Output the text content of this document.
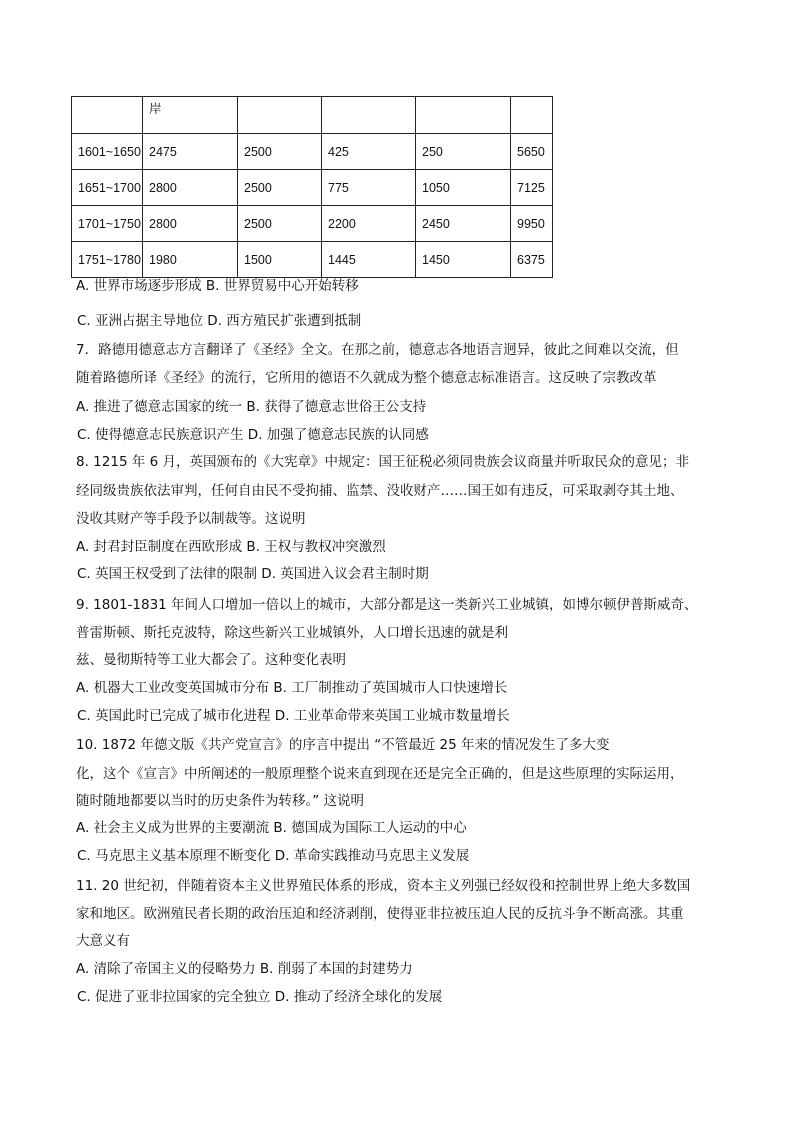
	岸				
1601~1650	2475	2500	425	250	5650
1651~1700	2800	2500	775	1050	7125
1701~1750	2800	2500	2200	2450	9950
1751~1780	1980	1500	1445	1450	6375
A. 世界市场逐步形成 B. 世界贸易中心开始转移
C. 亚洲占据主导地位 D. 西方殖民扩张遭到抵制
7．路德用德意志方言翻译了《圣经》全文。在那之前，德意志各地语言迥异，彼此之间难以交流，但
随着路德所译《圣经》的流行，它所用的德语不久就成为整个德意志标准语言。这反映了宗教改革
A. 推进了德意志国家的统一 B. 获得了德意志世俗王公支持
C. 使得德意志民族意识产生 D. 加强了德意志民族的认同感
8. 1215 年 6 月，英国颁布的《大宪章》中规定：国王征税必须同贵族会议商量并听取民众的意见；非
经同级贵族依法审判，任何自由民不受拘捕、监禁、没收财产……国王如有违反，可采取剥夺其土地、
没收其财产等手段予以制裁等。这说明
A. 封君封臣制度在西欧形成 B. 王权与教权冲突激烈
C. 英国王权受到了法律的限制 D. 英国进入议会君主制时期
9. 1801-1831 年间人口增加一倍以上的城市，大部分都是这一类新兴工业城镇，如博尔顿伊普斯威奇、
普雷斯顿、斯托克波特，除这些新兴工业城镇外，人口增长迅速的就是利
兹、曼彻斯特等工业大都会了。这种变化表明
A. 机器大工业改变英国城市分布 B. 工厂制推动了英国城市人口快速增长
C. 英国此时已完成了城市化进程 D. 工业革命带来英国工业城市数量增长
10. 1872 年德文版《共产党宣言》的序言中提出 “不管最近 25 年来的情况发生了多大变
化，这个《宣言》中所阐述的一般原理整个说来直到现在还是完全正确的，但是这些原理的实际运用，
随时随地都要以当时的历史条件为转移。” 这说明
A. 社会主义成为世界的主要潮流 B. 德国成为国际工人运动的中心
C. 马克思主义基本原理不断变化 D. 革命实践推动马克思主义发展
11. 20 世纪初，伴随着资本主义世界殖民体系的形成，资本主义列强已经奴役和控制世界上绝大多数国
家和地区。欧洲殖民者长期的政治压迫和经济剥削，使得亚非拉被压迫人民的反抗斗争不断高涨。其重
大意义有
A. 清除了帝国主义的侵略势力 B. 削弱了本国的封建势力
C. 促进了亚非拉国家的完全独立 D. 推动了经济全球化的发展
